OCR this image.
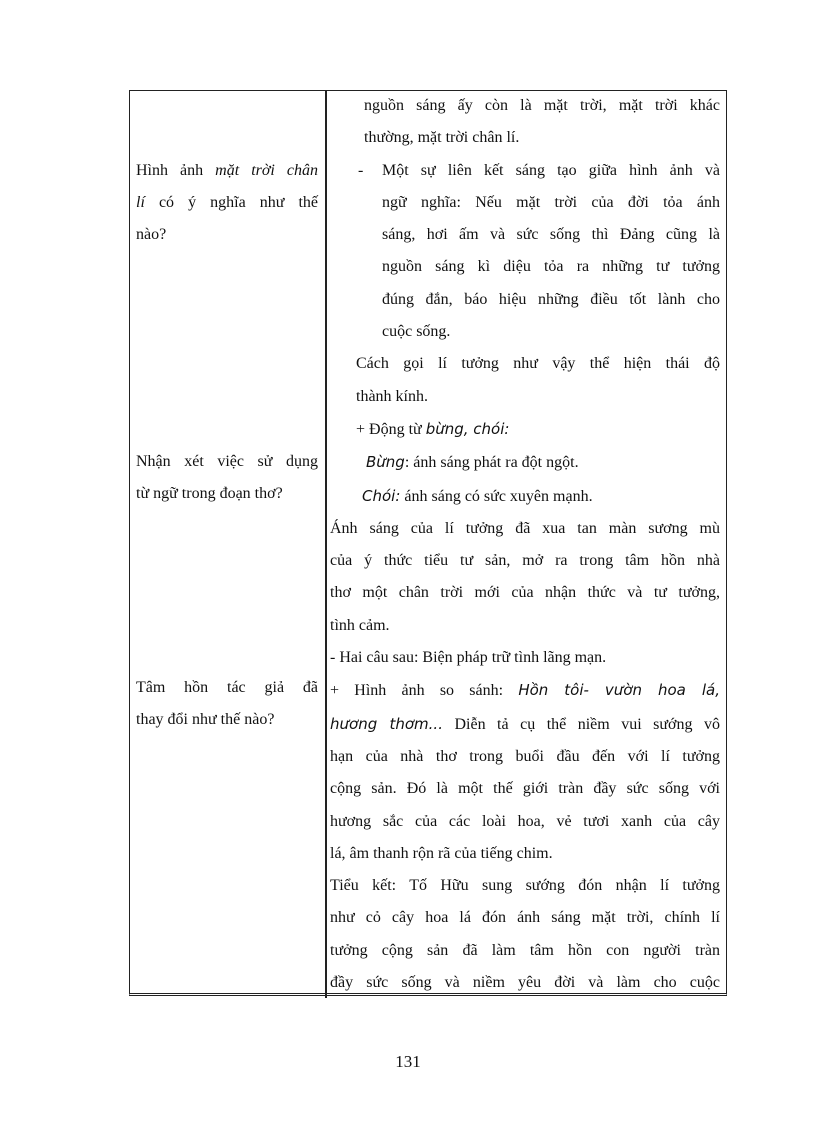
Hình ảnh mặt trời chân
lí có ý nghĩa như thế
nào?
Nhận xét việc sử dụng
từ ngữ trong đoạn thơ?
Tâm hồn tác giả đã
thay đổi như thế nào?

nguồn sáng ấy còn là mặt trời, mặt trời khác

thường, mặt trời chân lí.

- Một sự liên kết sáng tạo giữa hình ảnh và

ngữ nghĩa: Nếu mặt trời của đời tỏa ánh

sáng, hơi ấm và sức sống thì Đảng cũng là

nguồn sáng kì diệu tỏa ra những tư tưởng

đúng đắn, báo hiệu những điều tốt lành cho

cuộc sống.

Cách gọi lí tưởng như vậy thể hiện thái độ

thành kính.

+ Động từ bừng, chói:

Bừng: ánh sáng phát ra đột ngột.

Chói: ánh sáng có sức xuyên mạnh.

Ánh sáng của lí tưởng đã xua tan màn sương mù

của ý thức tiểu tư sản, mở ra trong tâm hồn nhà

thơ một chân trời mới của nhận thức và tư tưởng,

tình cảm.

- Hai câu sau: Biện pháp trữ tình lãng mạn.

+ Hình ảnh so sánh: Hồn tôi- vườn hoa lá,

hương thơm... Diễn tả cụ thể niềm vui sướng vô

hạn của nhà thơ trong buổi đầu đến với lí tưởng

cộng sản. Đó là một thế giới tràn đầy sức sống với

hương sắc của các loài hoa, vẻ tươi xanh của cây

lá, âm thanh rộn rã của tiếng chim.

Tiểu kết: Tố Hữu sung sướng đón nhận lí tưởng

như cỏ cây hoa lá đón ánh sáng mặt trời, chính lí

tưởng cộng sản đã làm tâm hồn con người tràn

đầy sức sống và niềm yêu đời và làm cho cuộc

131
